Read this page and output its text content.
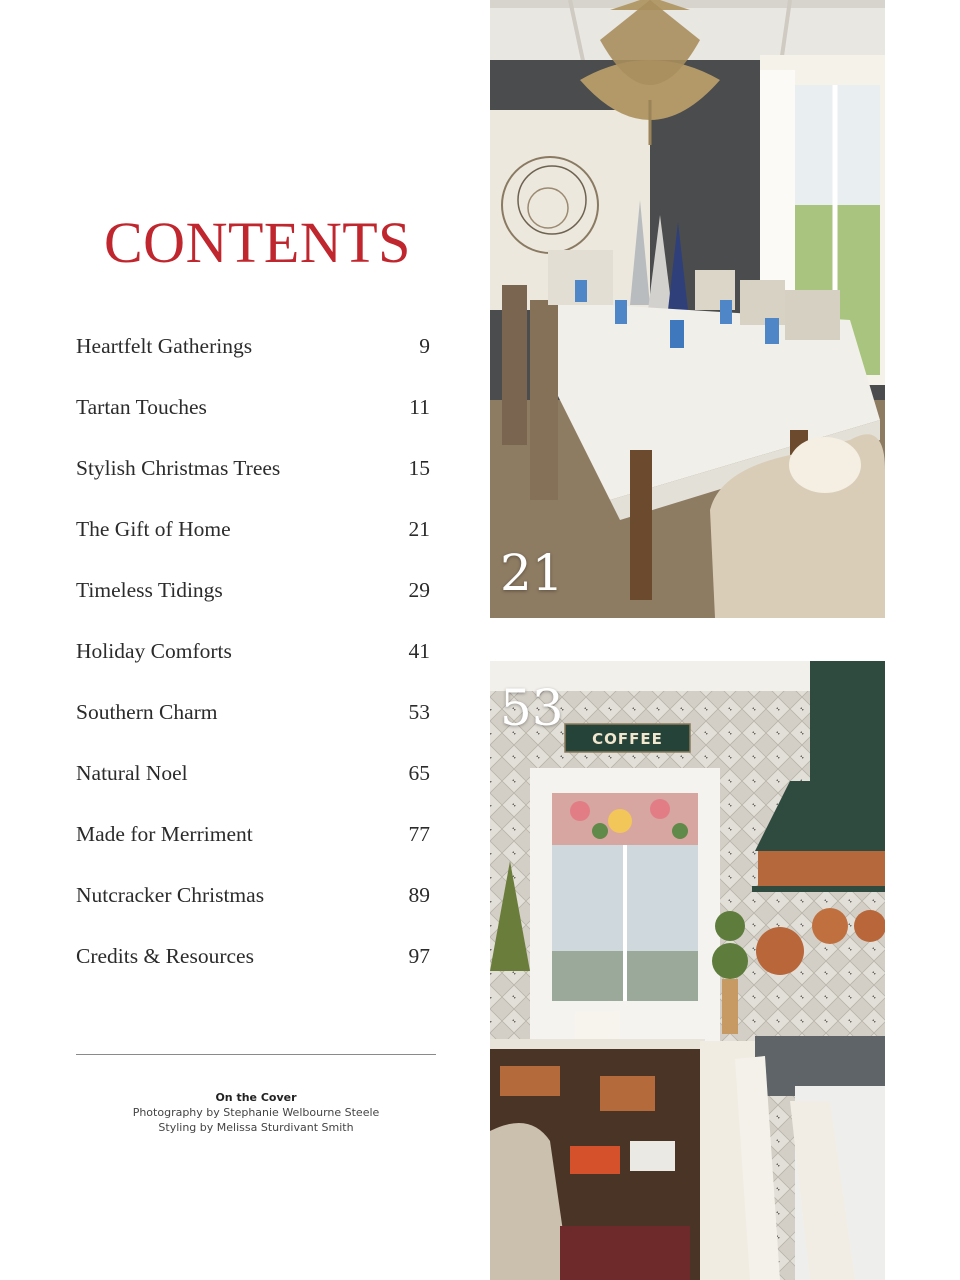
CONTENTS
Heartfelt Gatherings	9
Tartan Touches	11
Stylish Christmas Trees	15
The Gift of Home	21
Timeless Tidings	29
Holiday Comforts	41
Southern Charm	53
Natural Noel	65
Made for Merriment	77
Nutcracker Christmas	89
Credits & Resources	97
On the Cover
Photography by Stephanie Welbourne Steele
Styling by Melissa Sturdivant Smith
21
COFFEE
53
